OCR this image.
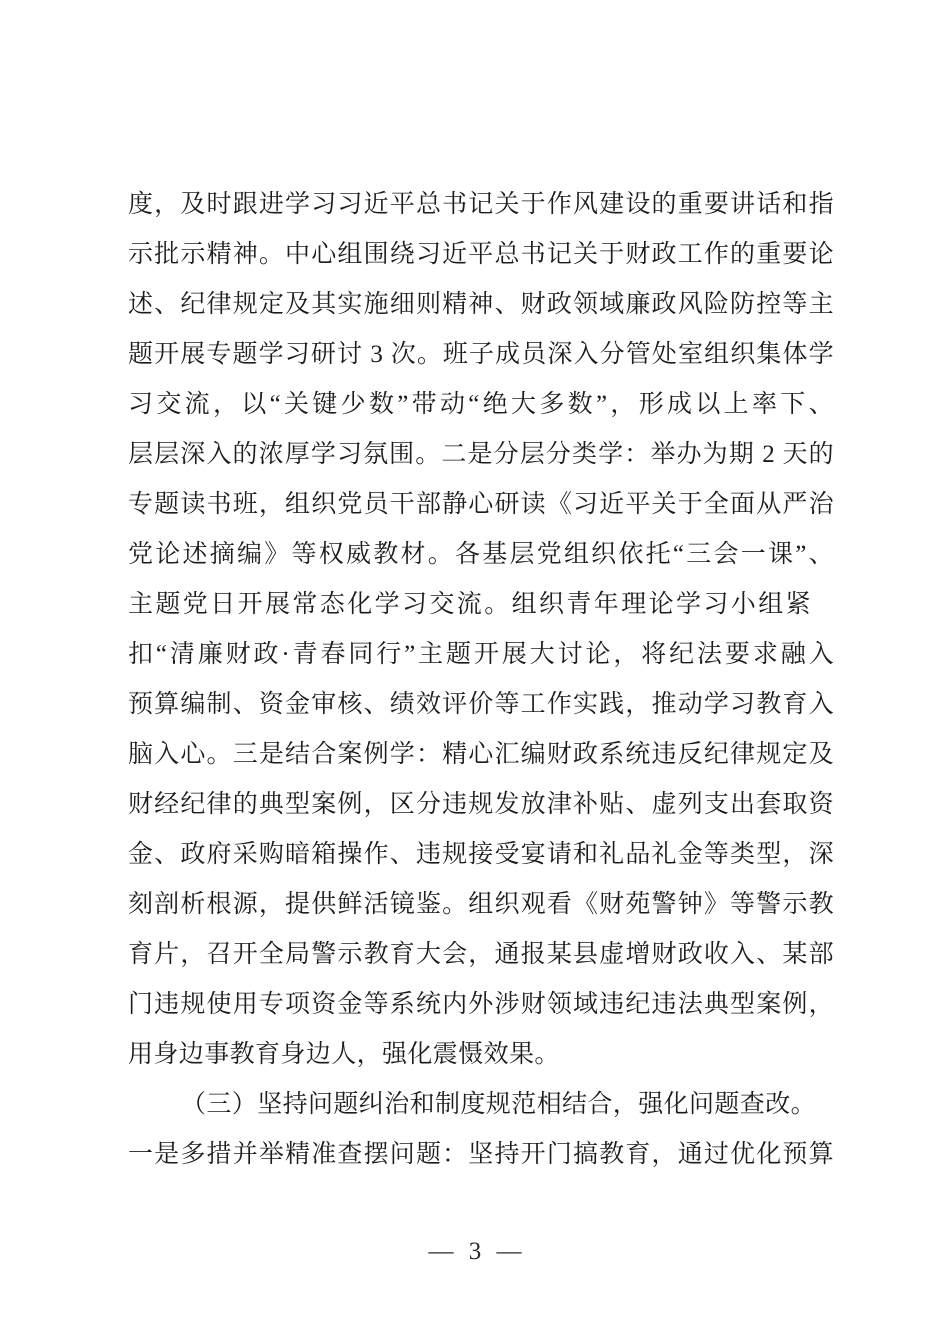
度，及时跟进学习习近平总书记关于作风建设的重要讲话和指
示批示精神。中心组围绕习近平总书记关于财政工作的重要论
述、纪律规定及其实施细则精神、财政领域廉政风险防控等主
题开展专题学习研讨 3 次。班子成员深入分管处室组织集体学
习交流，以“关键少数”带动“绝大多数”，形成以上率下、
层层深入的浓厚学习氛围。二是分层分类学：举办为期 2 天的
专题读书班，组织党员干部静心研读《习近平关于全面从严治
党论述摘编》等权威教材。各基层党组织依托“三会一课”、
主题党日开展常态化学习交流。组织青年理论学习小组紧
扣“清廉财政·青春同行”主题开展大讨论，将纪法要求融入
预算编制、资金审核、绩效评价等工作实践，推动学习教育入
脑入心。三是结合案例学：精心汇编财政系统违反纪律规定及
财经纪律的典型案例，区分违规发放津补贴、虚列支出套取资
金、政府采购暗箱操作、违规接受宴请和礼品礼金等类型，深
刻剖析根源，提供鲜活镜鉴。组织观看《财苑警钟》等警示教
育片，召开全局警示教育大会，通报某县虚增财政收入、某部
门违规使用专项资金等系统内外涉财领域违纪违法典型案例，
用身边事教育身边人，强化震慑效果。
（三）坚持问题纠治和制度规范相结合，强化问题查改。
一是多措并举精准查摆问题：坚持开门搞教育，通过优化预算
— 3 —
